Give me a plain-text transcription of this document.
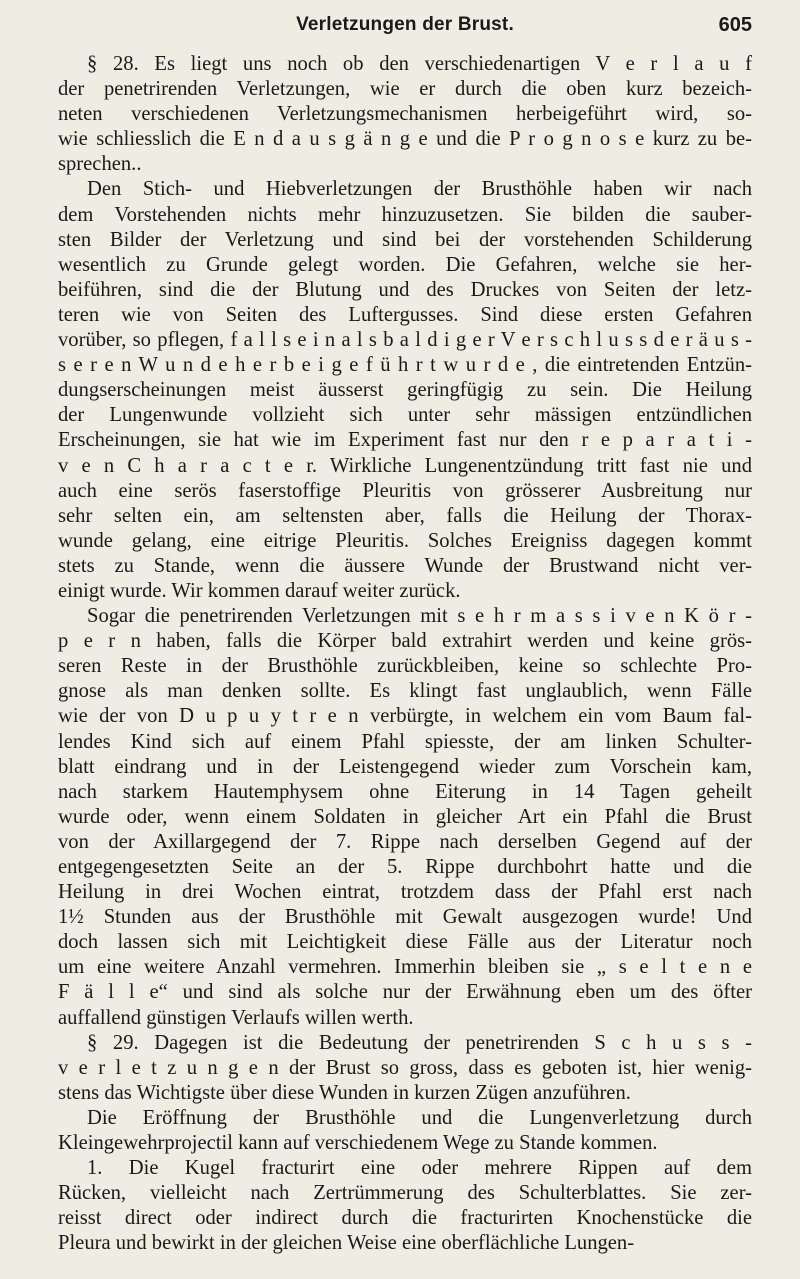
Verletzungen der Brust.	605
§ 28. Es liegt uns noch ob den verschiedenartigen V e r l a u f
der penetrirenden Verletzungen, wie er durch die oben kurz bezeich-
neten verschiedenen Verletzungsmechanismen herbeigeführt wird, so-
wie schliesslich die E n d a u s g ä n g e und die P r o g n o s e kurz zu be-
sprechen..
Den Stich- und Hiebverletzungen der Brusthöhle haben wir nach
dem Vorstehenden nichts mehr hinzuzusetzen. Sie bilden die sauber-
sten Bilder der Verletzung und sind bei der vorstehenden Schilderung
wesentlich zu Grunde gelegt worden. Die Gefahren, welche sie her-
beiführen, sind die der Blutung und des Druckes von Seiten der letz-
teren wie von Seiten des Luftergusses. Sind diese ersten Gefahren
vorüber, so pflegen, f a l l s e i n a l s b a l d i g e r V e r s c h l u s s d e r ä u s -
s e r e n W u n d e h e r b e i g e f ü h r t w u r d e , die eintretenden Entzün-
dungserscheinungen meist äusserst geringfügig zu sein. Die Heilung
der Lungenwunde vollzieht sich unter sehr mässigen entzündlichen
Erscheinungen, sie hat wie im Experiment fast nur den r e p a r a t i -
v e n C h a r a c t e r. Wirkliche Lungenentzündung tritt fast nie und
auch eine serös faserstoffige Pleuritis von grösserer Ausbreitung nur
sehr selten ein, am seltensten aber, falls die Heilung der Thorax-
wunde gelang, eine eitrige Pleuritis. Solches Ereigniss dagegen kommt
stets zu Stande, wenn die äussere Wunde der Brustwand nicht ver-
einigt wurde. Wir kommen darauf weiter zurück.
Sogar die penetrirenden Verletzungen mit s e h r m a s s i v e n K ö r -
p e r n haben, falls die Körper bald extrahirt werden und keine grös-
seren Reste in der Brusthöhle zurückbleiben, keine so schlechte Pro-
gnose als man denken sollte. Es klingt fast unglaublich, wenn Fälle
wie der von D u p u y t r e n verbürgte, in welchem ein vom Baum fal-
lendes Kind sich auf einem Pfahl spiesste, der am linken Schulter-
blatt eindrang und in der Leistengegend wieder zum Vorschein kam,
nach starkem Hautemphysem ohne Eiterung in 14 Tagen geheilt
wurde oder, wenn einem Soldaten in gleicher Art ein Pfahl die Brust
von der Axillargegend der 7. Rippe nach derselben Gegend auf der
entgegengesetzten Seite an der 5. Rippe durchbohrt hatte und die
Heilung in drei Wochen eintrat, trotzdem dass der Pfahl erst nach
1½ Stunden aus der Brusthöhle mit Gewalt ausgezogen wurde! Und
doch lassen sich mit Leichtigkeit diese Fälle aus der Literatur noch
um eine weitere Anzahl vermehren. Immerhin bleiben sie „ s e l t e n e
F ä l l e“ und sind als solche nur der Erwähnung eben um des öfter
auffallend günstigen Verlaufs willen werth.
§ 29. Dagegen ist die Bedeutung der penetrirenden S c h u s s -
v e r l e t z u n g e n der Brust so gross, dass es geboten ist, hier wenig-
stens das Wichtigste über diese Wunden in kurzen Zügen anzuführen.
Die Eröffnung der Brusthöhle und die Lungenverletzung durch
Kleingewehrprojectil kann auf verschiedenem Wege zu Stande kommen.
1. Die Kugel fracturirt eine oder mehrere Rippen auf dem
Rücken, vielleicht nach Zertrümmerung des Schulterblattes. Sie zer-
reisst direct oder indirect durch die fracturirten Knochenstücke die
Pleura und bewirkt in der gleichen Weise eine oberflächliche Lungen-
